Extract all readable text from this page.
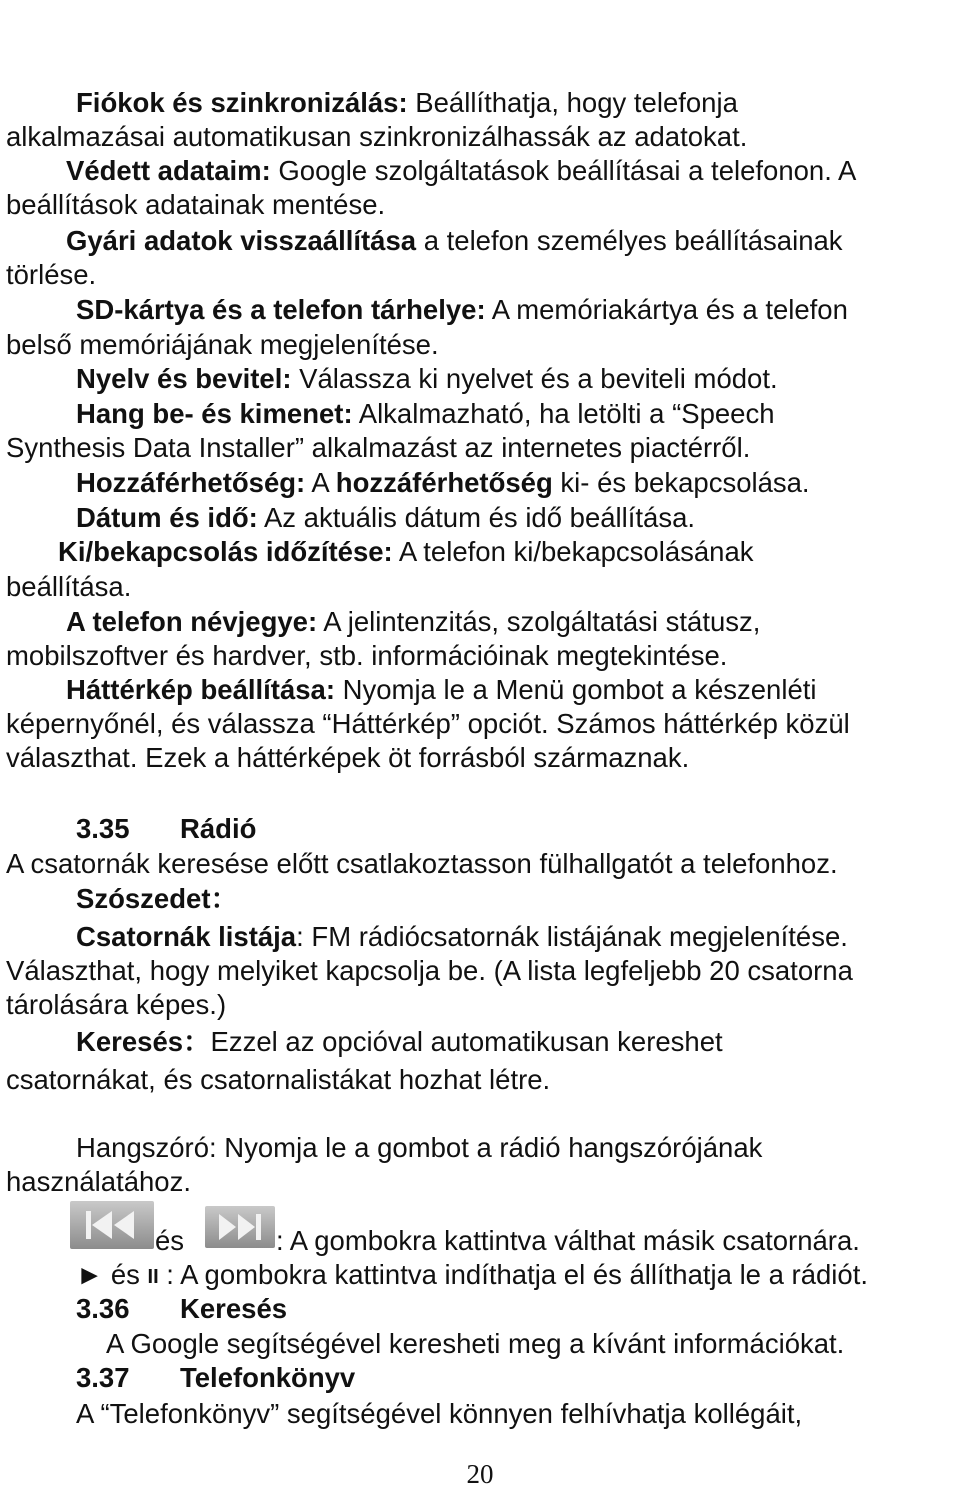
Fiókok és szinkronizálás: Beállíthatja, hogy telefonja
alkalmazásai automatikusan szinkronizálhassák az adatokat.
Védett adataim: Google szolgáltatások beállításai a telefonon. A
beállítások adatainak mentése.
Gyári adatok visszaállítása a telefon személyes beállításainak
törlése.
SD-kártya és a telefon tárhelye: A memóriakártya és a telefon
belső memóriájának megjelenítése.
Nyelv és bevitel: Válassza ki nyelvet és a beviteli módot.
Hang be- és kimenet: Alkalmazható, ha letölti a “Speech
Synthesis Data Installer” alkalmazást az internetes piactérről.
Hozzáférhetőség: A hozzáférhetőség ki- és bekapcsolása.
Dátum és idő: Az aktuális dátum és idő beállítása.
Ki/bekapcsolás időzítése: A telefon ki/bekapcsolásának
beállítása.
A telefon névjegye: A jelintenzitás, szolgáltatási státusz,
mobilszoftver és hardver, stb. információinak megtekintése.
Háttérkép beállítása: Nyomja le a Menü gombot a készenléti
képernyőnél, és válassza “Háttérkép” opciót. Számos háttérkép közül
választhat. Ezek a háttérképek öt forrásból származnak.
3.35 Rádió
A csatornák keresése előtt csatlakoztasson fülhallgatót a telefonhoz.
Szószedet：
Csatornák listája: FM rádiócsatornák listájának megjelenítése.
Választhat, hogy melyiket kapcsolja be. (A lista legfeljebb 20 csatorna
tárolására képes.)
Keresés：Ezzel az opcióval automatikusan kereshet
csatornákat, és csatornalistákat hozhat létre.
Hangszóró: Nyomja le a gombot a rádió hangszórójának
használatához.
és	: A gombokra kattintva válthat másik csatornára.
► és II : A gombokra kattintva indíthatja el és állíthatja le a rádiót.
3.36 Keresés
A Google segítségével keresheti meg a kívánt információkat.
3.37 Telefonkönyv
A “Telefonkönyv” segítségével könnyen felhívhatja kollégáit,
20
